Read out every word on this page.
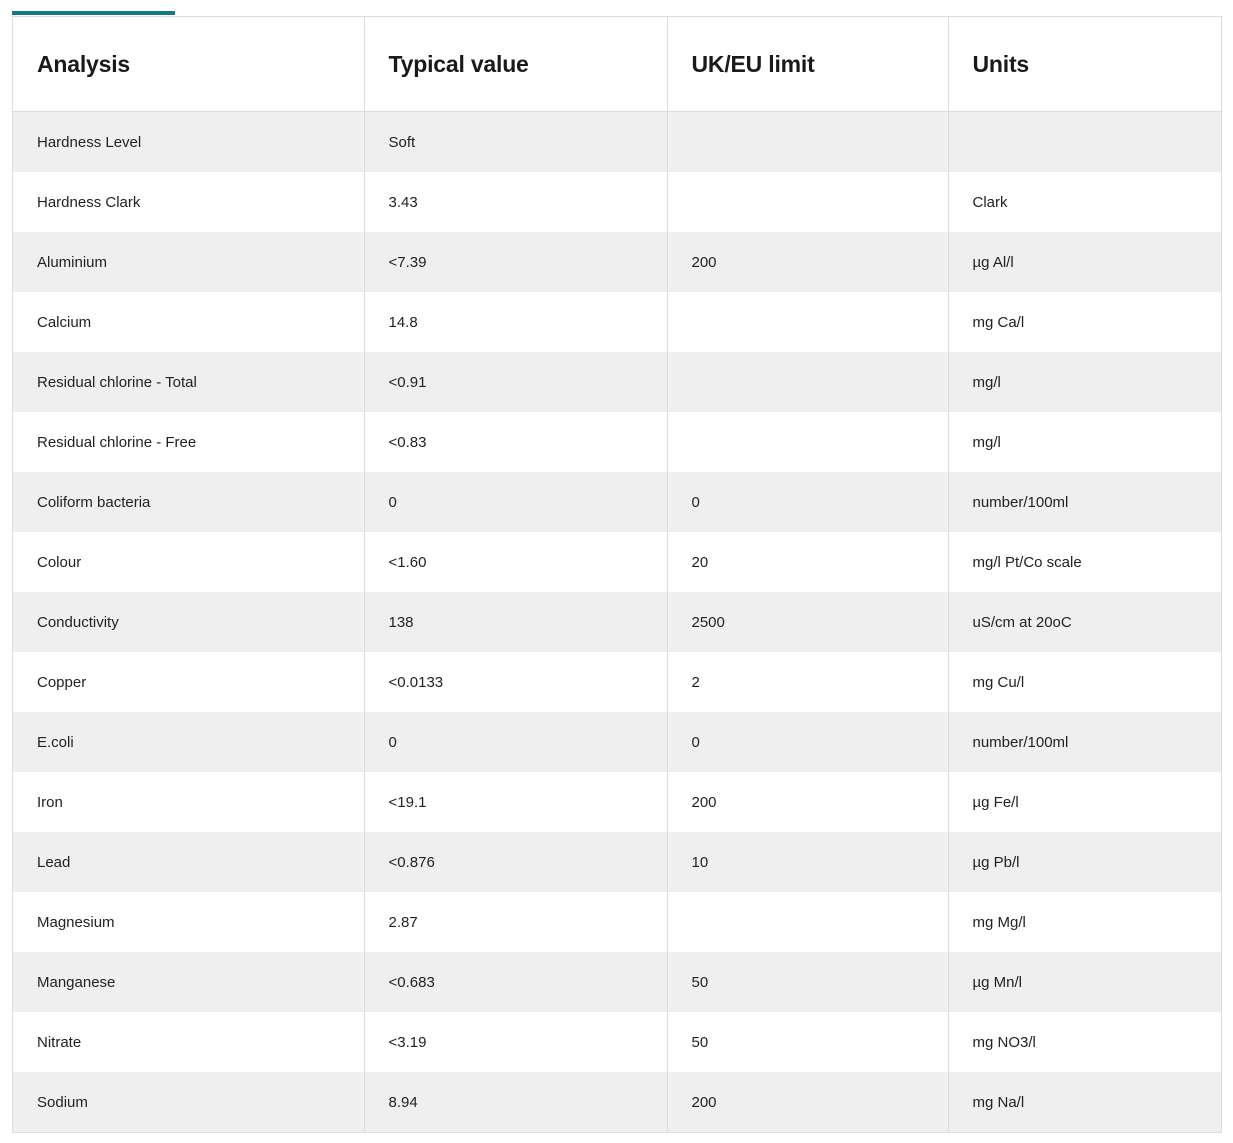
Analysis	Typical value	UK/EU limit	Units
Hardness Level	Soft		
Hardness Clark	3.43		Clark
Aluminium	<7.39	200	µg Al/l
Calcium	14.8		mg Ca/l
Residual chlorine - Total	<0.91		mg/l
Residual chlorine - Free	<0.83		mg/l
Coliform bacteria	0	0	number/100ml
Colour	<1.60	20	mg/l Pt/Co scale
Conductivity	138	2500	uS/cm at 20oC
Copper	<0.0133	2	mg Cu/l
E.coli	0	0	number/100ml
Iron	<19.1	200	µg Fe/l
Lead	<0.876	10	µg Pb/l
Magnesium	2.87		mg Mg/l
Manganese	<0.683	50	µg Mn/l
Nitrate	<3.19	50	mg NO3/l
Sodium	8.94	200	mg Na/l
